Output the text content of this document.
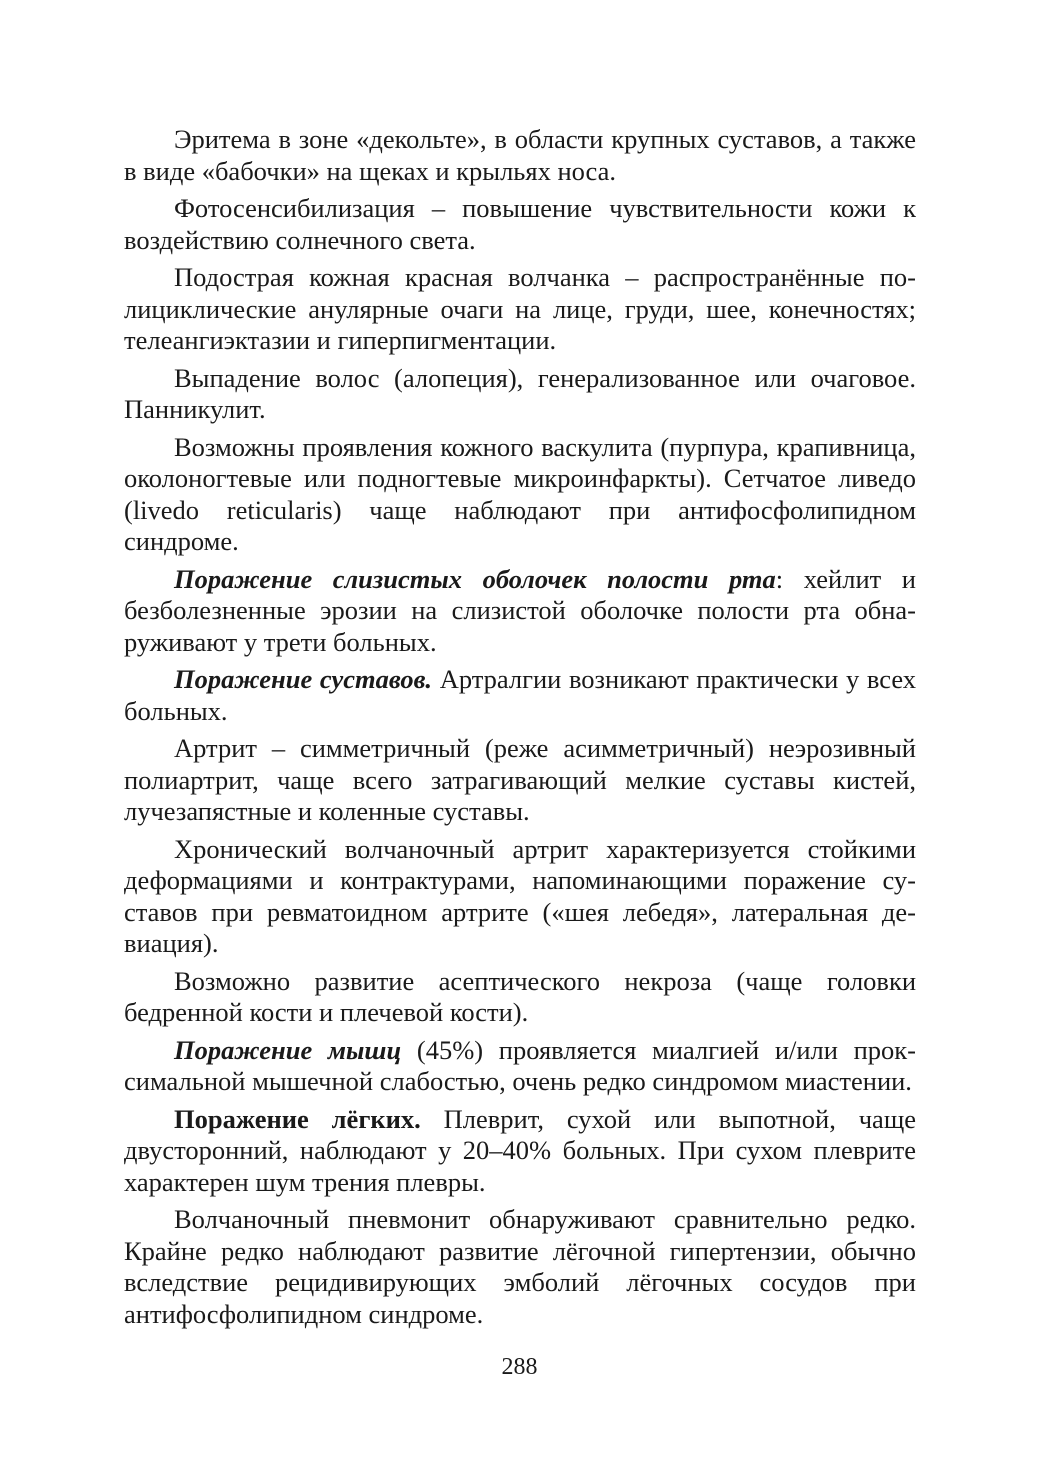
Эритема в зоне «декольте», в области крупных суставов, а также в виде «бабочки» на щеках и крыльях носа.

Фотосенсибилизация – повышение чувствительности кожи к воздействию солнечного света.

Подострая кожная красная волчанка – распространённые полициклические анулярные очаги на лице, груди, шее, конечностях; телеангиэктазии и гиперпигментации.

Выпадение волос (алопеция), генерализованное или очаговое. Панникулит.

Возможны проявления кожного васкулита (пурпура, крапивница, околоногтевые или подногтевые микроинфаркты). Сетчатое ливедо (livedo reticularis) чаще наблюдают при антифосфолипидном синдроме.

Поражение слизистых оболочек полости рта: хейлит и безболезненные эрозии на слизистой оболочке полости рта обнаруживают у трети больных.

Поражение суставов. Артралгии возникают практически у всех больных.

Артрит – симметричный (реже асимметричный) неэрозивный полиартрит, чаще всего затрагивающий мелкие суставы кистей, лучезапястные и коленные суставы.

Хронический волчаночный артрит характеризуется стойкими деформациями и контрактурами, напоминающими поражение суставов при ревматоидном артрите («шея лебедя», латеральная девиация).

Возможно развитие асептического некроза (чаще головки бедренной кости и плечевой кости).

Поражение мышц (45%) проявляется миалгией и/или проксимальной мышечной слабостью, очень редко синдромом миастении.

Поражение лёгких. Плеврит, сухой или выпотной, чаще двусторонний, наблюдают у 20–40% больных. При сухом плеврите характерен шум трения плевры.

Волчаночный пневмонит обнаруживают сравнительно редко. Крайне редко наблюдают развитие лёгочной гипертензии, обычно вследствие рецидивирующих эмболий лёгочных сосудов при антифосфолипидном синдроме.

288
